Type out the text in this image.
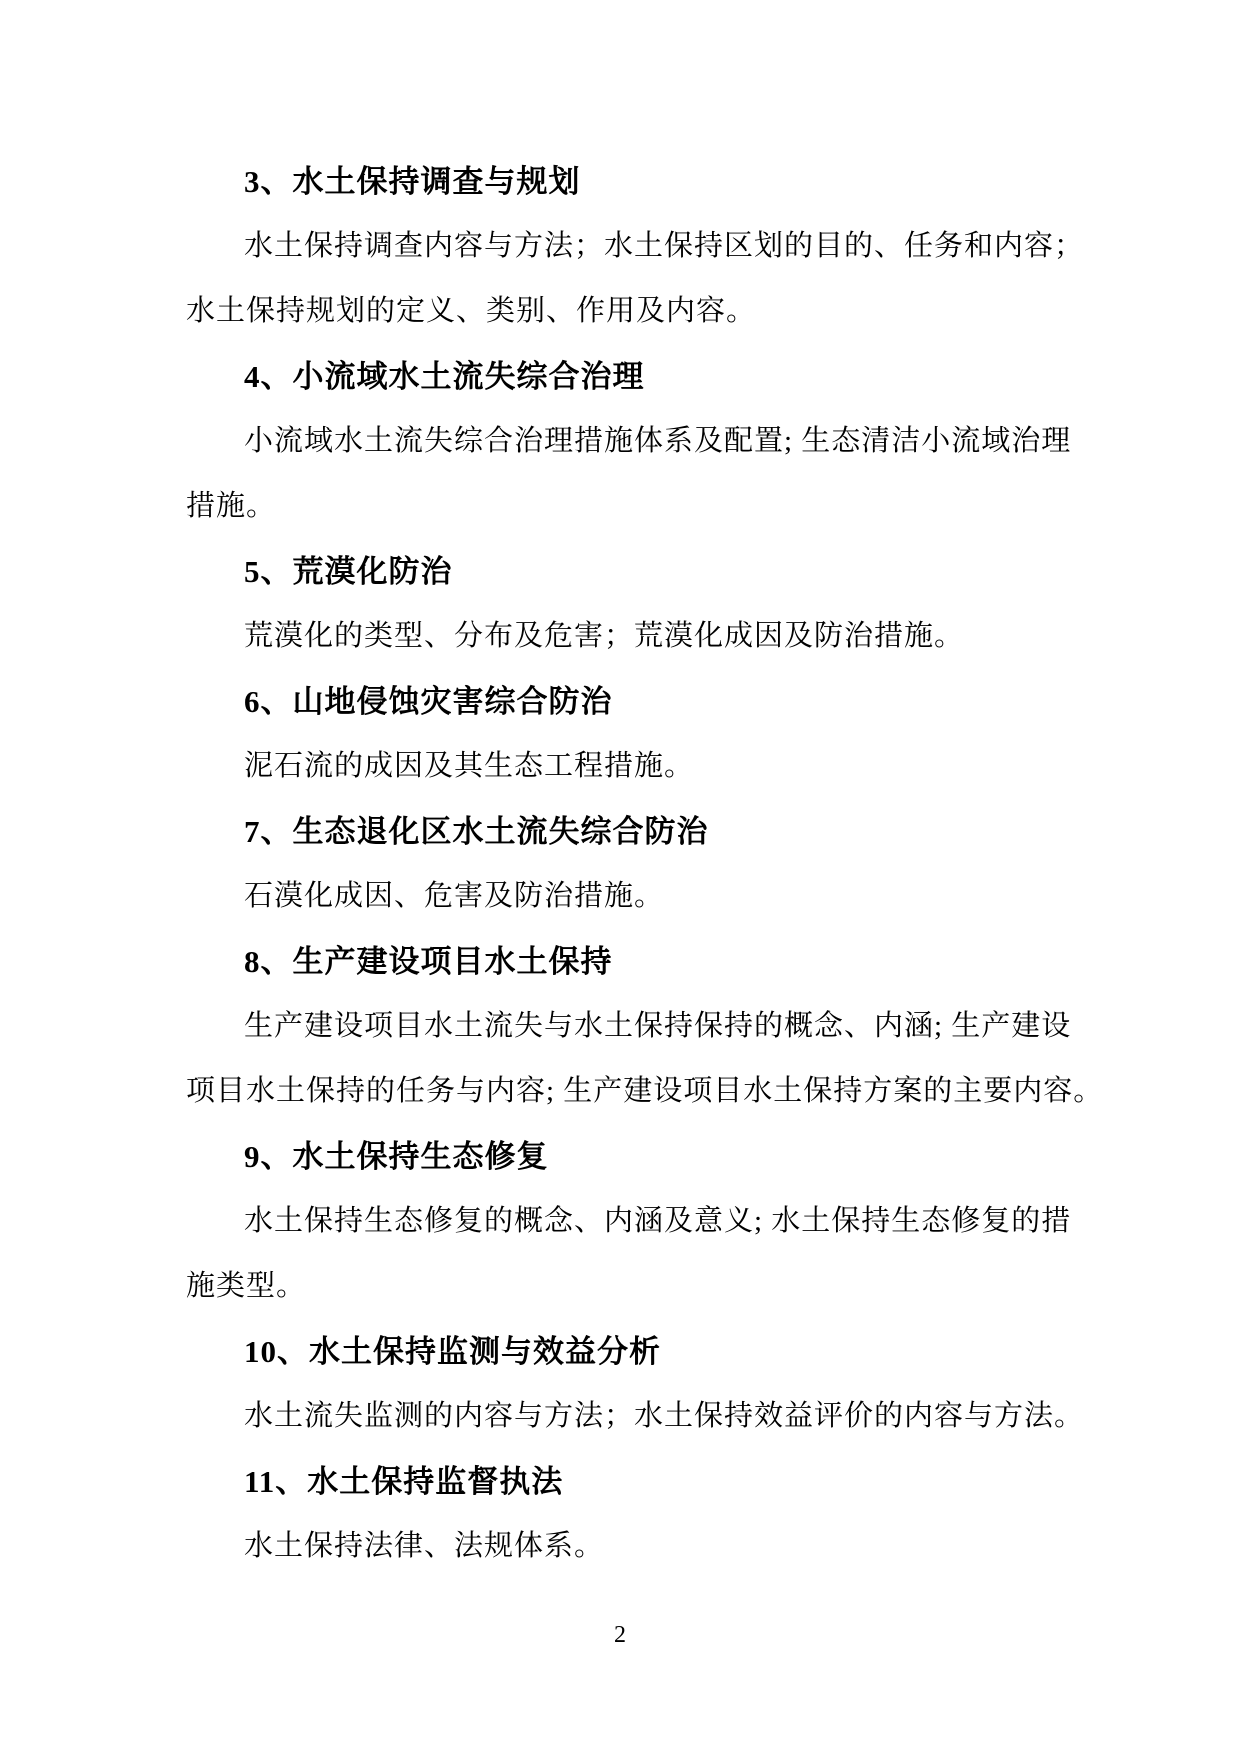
3、水土保持调查与规划
水土保持调查内容与方法；水土保持区划的目的、任务和内容；
水土保持规划的定义、类别、作用及内容。
4、小流域水土流失综合治理
小流域水土流失综合治理措施体系及配置; 生态清洁小流域治理
措施。
5、荒漠化防治
荒漠化的类型、分布及危害；荒漠化成因及防治措施。
6、山地侵蚀灾害综合防治
泥石流的成因及其生态工程措施。
7、生态退化区水土流失综合防治
石漠化成因、危害及防治措施。
8、生产建设项目水土保持
生产建设项目水土流失与水土保持保持的概念、内涵; 生产建设
项目水土保持的任务与内容; 生产建设项目水土保持方案的主要内容。
9、水土保持生态修复
水土保持生态修复的概念、内涵及意义; 水土保持生态修复的措
施类型。
10、水土保持监测与效益分析
水土流失监测的内容与方法；水土保持效益评价的内容与方法。
11、水土保持监督执法
水土保持法律、法规体系。
2
